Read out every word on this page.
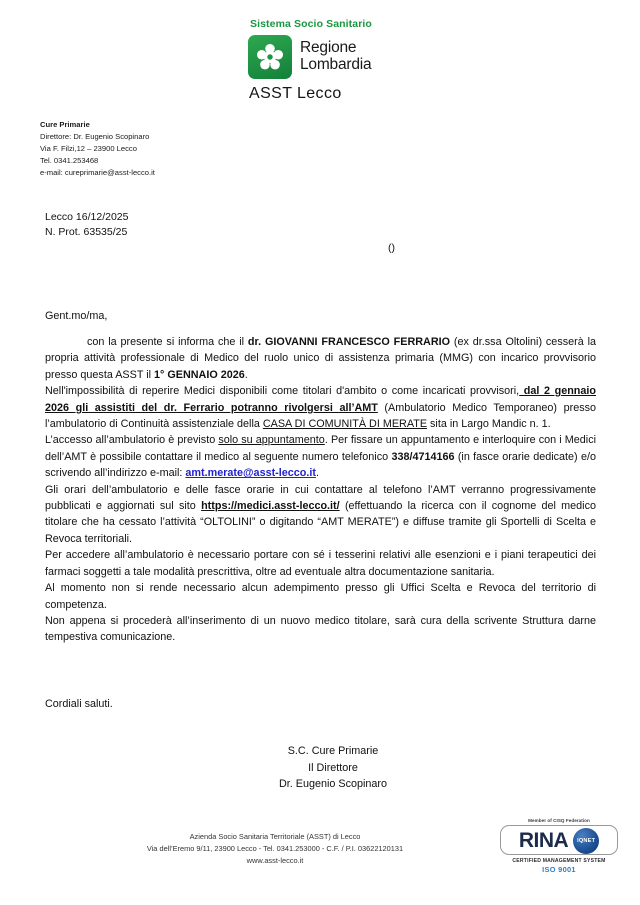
Sistema Socio Sanitario
Regione
Lombardia
ASST Lecco
Cure Primarie
Direttore: Dr. Eugenio Scopinaro
Via F. Filzi,12 – 23900 Lecco
Tel. 0341.253468
e-mail: cureprimarie@asst-lecco.it
Lecco 16/12/2025
N. Prot. 63535/25
()
Gent.mo/ma,

con la presente si informa che il dr. GIOVANNI FRANCESCO FERRARIO (ex dr.ssa Oltolini) cesserà la propria attività professionale di Medico del ruolo unico di assistenza primaria (MMG) con incarico provvisorio presso questa ASST il 1° GENNAIO 2026.

Nell'impossibilità di reperire Medici disponibili come titolari d'ambito o come incaricati provvisori, dal 2 gennaio 2026 gli assistiti del dr. Ferrario potranno rivolgersi all’AMT (Ambulatorio Medico Temporaneo) presso l’ambulatorio di Continuità assistenziale della CASA DI COMUNITÀ DI MERATE sita in Largo Mandic n. 1.

L’accesso all’ambulatorio è previsto solo su appuntamento. Per fissare un appuntamento e interloquire con i Medici dell’AMT è possibile contattare il medico al seguente numero telefonico 338/4714166 (in fasce orarie dedicate) e/o scrivendo all’indirizzo e-mail: amt.merate@asst-lecco.it.

Gli orari dell’ambulatorio e delle fasce orarie in cui contattare al telefono l’AMT verranno progressivamente pubblicati e aggiornati sul sito https://medici.asst-lecco.it/ (effettuando la ricerca con il cognome del medico titolare che ha cessato l’attività “OLTOLINI” o digitando “AMT MERATE”) e diffuse tramite gli Sportelli di Scelta e Revoca territoriali.

Per accedere all’ambulatorio è necessario portare con sé i tesserini relativi alle esenzioni e i piani terapeutici dei farmaci soggetti a tale modalità prescrittiva, oltre ad eventuale altra documentazione sanitaria.

Al momento non si rende necessario alcun adempimento presso gli Uffici Scelta e Revoca del territorio di competenza.

Non appena si procederà all’inserimento di un nuovo medico titolare, sarà cura della scrivente Struttura darne tempestiva comunicazione.

Cordiali saluti.
S.C. Cure Primarie
Il Direttore
Dr. Eugenio Scopinaro
Azienda Socio Sanitaria Territoriale (ASST) di Lecco
Via dell’Eremo 9/11, 23900 Lecco - Tel. 0341.253000 - C.F. / P.I. 03622120131
www.asst-lecco.it
Member of CISQ Federation
RINA IQNET
CERTIFIED MANAGEMENT SYSTEM
ISO 9001
